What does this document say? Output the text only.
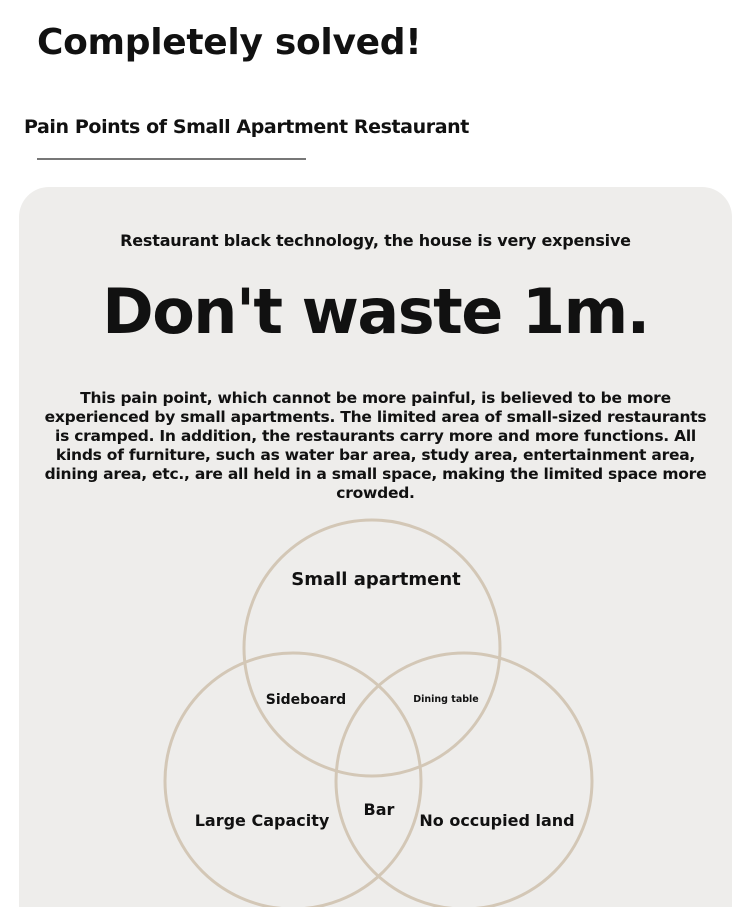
Completely solved!
Pain Points of Small Apartment Restaurant

Restaurant black technology, the house is very expensive

Don't waste 1m.

This pain point, which cannot be more painful, is believed to be more experienced by small apartments. The limited area of small-sized restaurants is cramped. In addition, the restaurants carry more and more functions. All kinds of furniture, such as water bar area, study area, entertainment area, dining area, etc., are all held in a small space, making the limited space more crowded.

Small apartment
Sideboard	Dining table
Bar
Large Capacity	No occupied land
